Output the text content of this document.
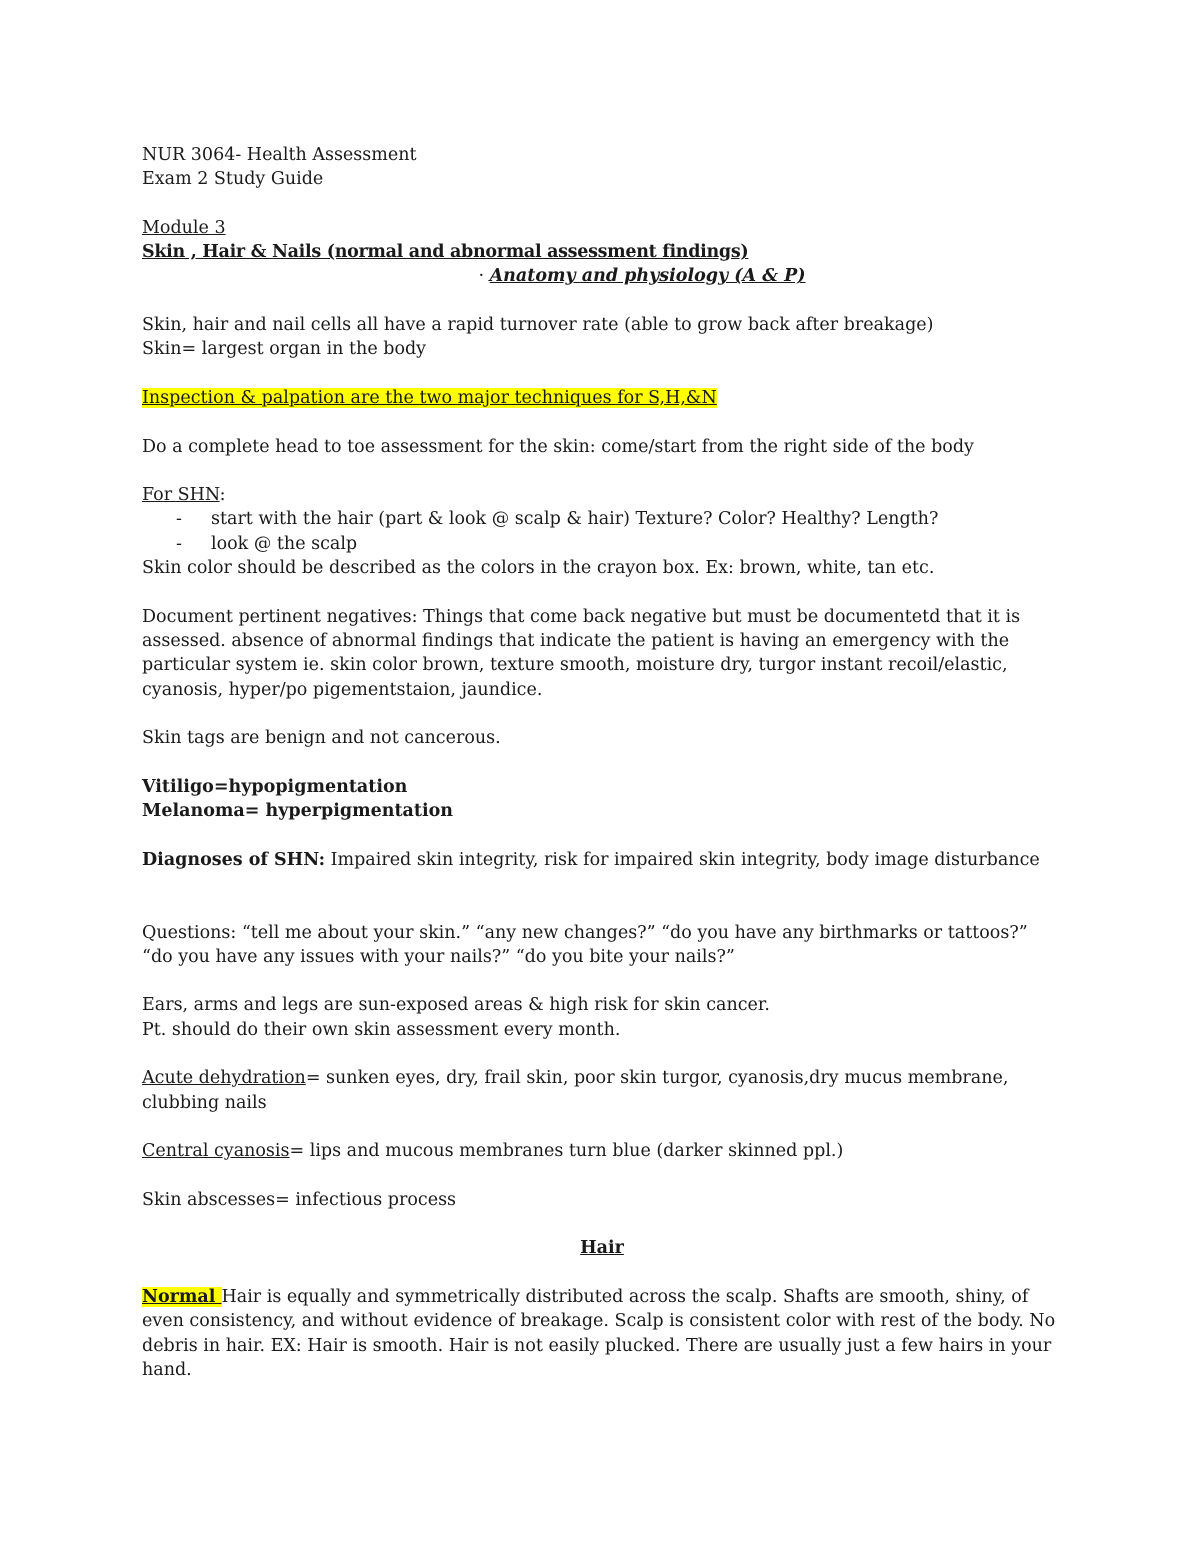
NUR 3064- Health Assessment

Exam 2 Study Guide

Module 3

Skin , Hair & Nails (normal and abnormal assessment findings)

· Anatomy and physiology (A & P)

Skin, hair and nail cells all have a rapid turnover rate (able to grow back after breakage)

Skin= largest organ in the body

Inspection & palpation are the two major techniques for S,H,&N

Do a complete head to toe assessment for the skin: come/start from the right side of the body

For SHN:

-	start with the hair (part & look @ scalp & hair) Texture? Color? Healthy? Length?
-	look @ the scalp

Skin color should be described as the colors in the crayon box. Ex: brown, white, tan etc.

Document pertinent negatives: Things that come back negative but must be documentetd that it is assessed. absence of abnormal findings that indicate the patient is having an emergency with the particular system ie. skin color brown, texture smooth, moisture dry, turgor instant recoil/elastic, cyanosis, hyper/po pigementstaion, jaundice.

Skin tags are benign and not cancerous.

Vitiligo=hypopigmentation

Melanoma= hyperpigmentation

Diagnoses of SHN: Impaired skin integrity, risk for impaired skin integrity, body image disturbance

Questions: “tell me about your skin.” “any new changes?” “do you have any birthmarks or tattoos?” “do you have any issues with your nails?” “do you bite your nails?”

Ears, arms and legs are sun-exposed areas & high risk for skin cancer.

Pt. should do their own skin assessment every month.

Acute dehydration= sunken eyes, dry, frail skin, poor skin turgor, cyanosis,dry mucus membrane, clubbing nails

Central cyanosis= lips and mucous membranes turn blue (darker skinned ppl.)

Skin abscesses= infectious process

Hair

Normal Hair is equally and symmetrically distributed across the scalp. Shafts are smooth, shiny, of even consistency, and without evidence of breakage. Scalp is consistent color with rest of the body. No debris in hair. EX: Hair is smooth. Hair is not easily plucked. There are usually just a few hairs in your hand.
